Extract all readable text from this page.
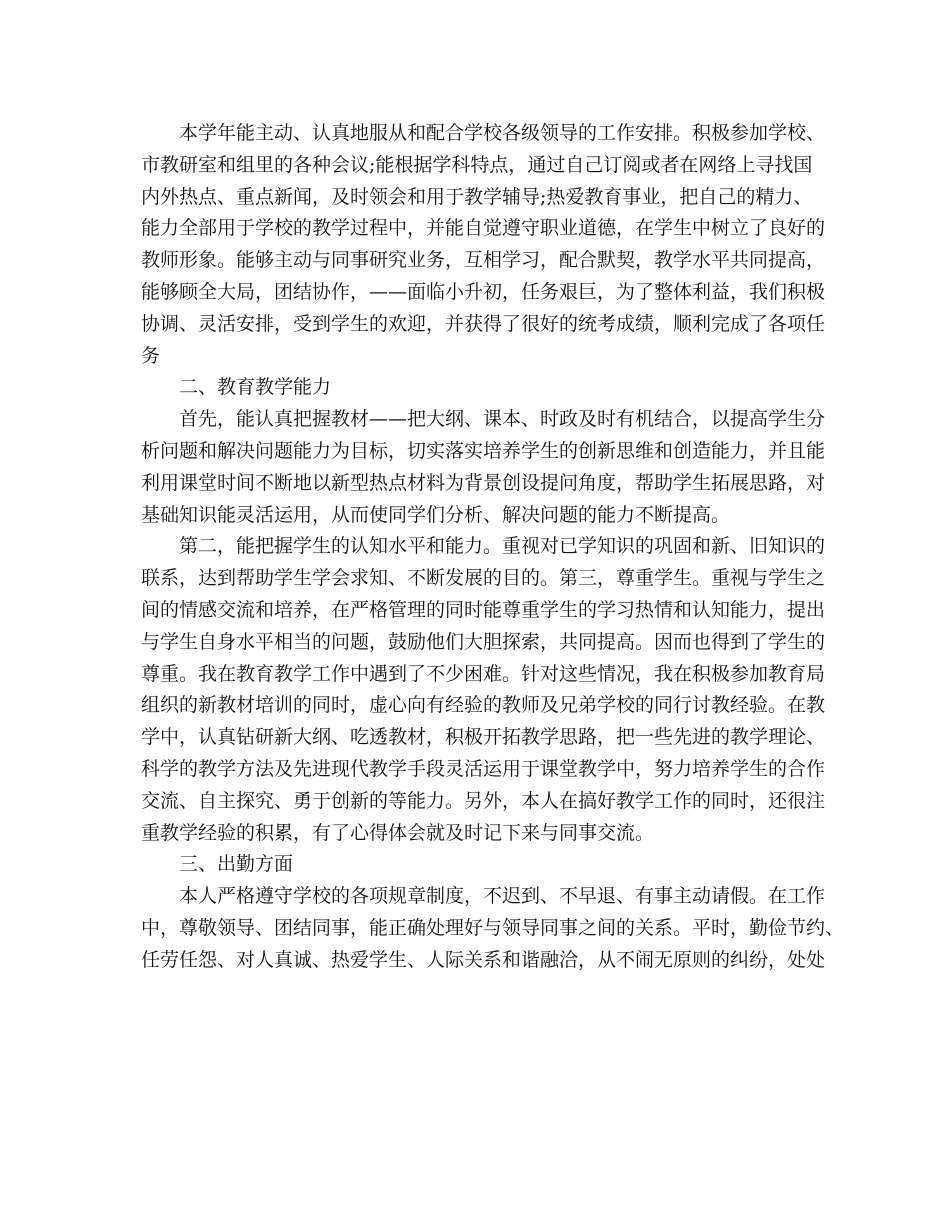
本学年能主动、认真地服从和配合学校各级领导的工作安排。积极参加学校、
市教研室和组里的各种会议;能根据学科特点，通过自己订阅或者在网络上寻找国
内外热点、重点新闻，及时领会和用于教学辅导;热爱教育事业，把自己的精力、
能力全部用于学校的教学过程中，并能自觉遵守职业道德，在学生中树立了良好的
教师形象。能够主动与同事研究业务，互相学习，配合默契，教学水平共同提高，
能够顾全大局，团结协作，——面临小升初，任务艰巨，为了整体利益，我们积极
协调、灵活安排，受到学生的欢迎，并获得了很好的统考成绩，顺利完成了各项任
务

二、教育教学能力

首先，能认真把握教材——把大纲、课本、时政及时有机结合，以提高学生分
析问题和解决问题能力为目标，切实落实培养学生的创新思维和创造能力，并且能
利用课堂时间不断地以新型热点材料为背景创设提问角度，帮助学生拓展思路，对
基础知识能灵活运用，从而使同学们分析、解决问题的能力不断提高。

第二，能把握学生的认知水平和能力。重视对已学知识的巩固和新、旧知识的
联系，达到帮助学生学会求知、不断发展的目的。第三，尊重学生。重视与学生之
间的情感交流和培养，在严格管理的同时能尊重学生的学习热情和认知能力，提出
与学生自身水平相当的问题，鼓励他们大胆探索，共同提高。因而也得到了学生的
尊重。我在教育教学工作中遇到了不少困难。针对这些情况，我在积极参加教育局
组织的新教材培训的同时，虚心向有经验的教师及兄弟学校的同行讨教经验。在教
学中，认真钻研新大纲、吃透教材，积极开拓教学思路，把一些先进的教学理论、
科学的教学方法及先进现代教学手段灵活运用于课堂教学中，努力培养学生的合作
交流、自主探究、勇于创新的等能力。另外，本人在搞好教学工作的同时，还很注
重教学经验的积累，有了心得体会就及时记下来与同事交流。

三、出勤方面

本人严格遵守学校的各项规章制度，不迟到、不早退、有事主动请假。在工作
中，尊敬领导、团结同事，能正确处理好与领导同事之间的关系。平时，勤俭节约、
任劳任怨、对人真诚、热爱学生、人际关系和谐融洽，从不闹无原则的纠纷，处处
